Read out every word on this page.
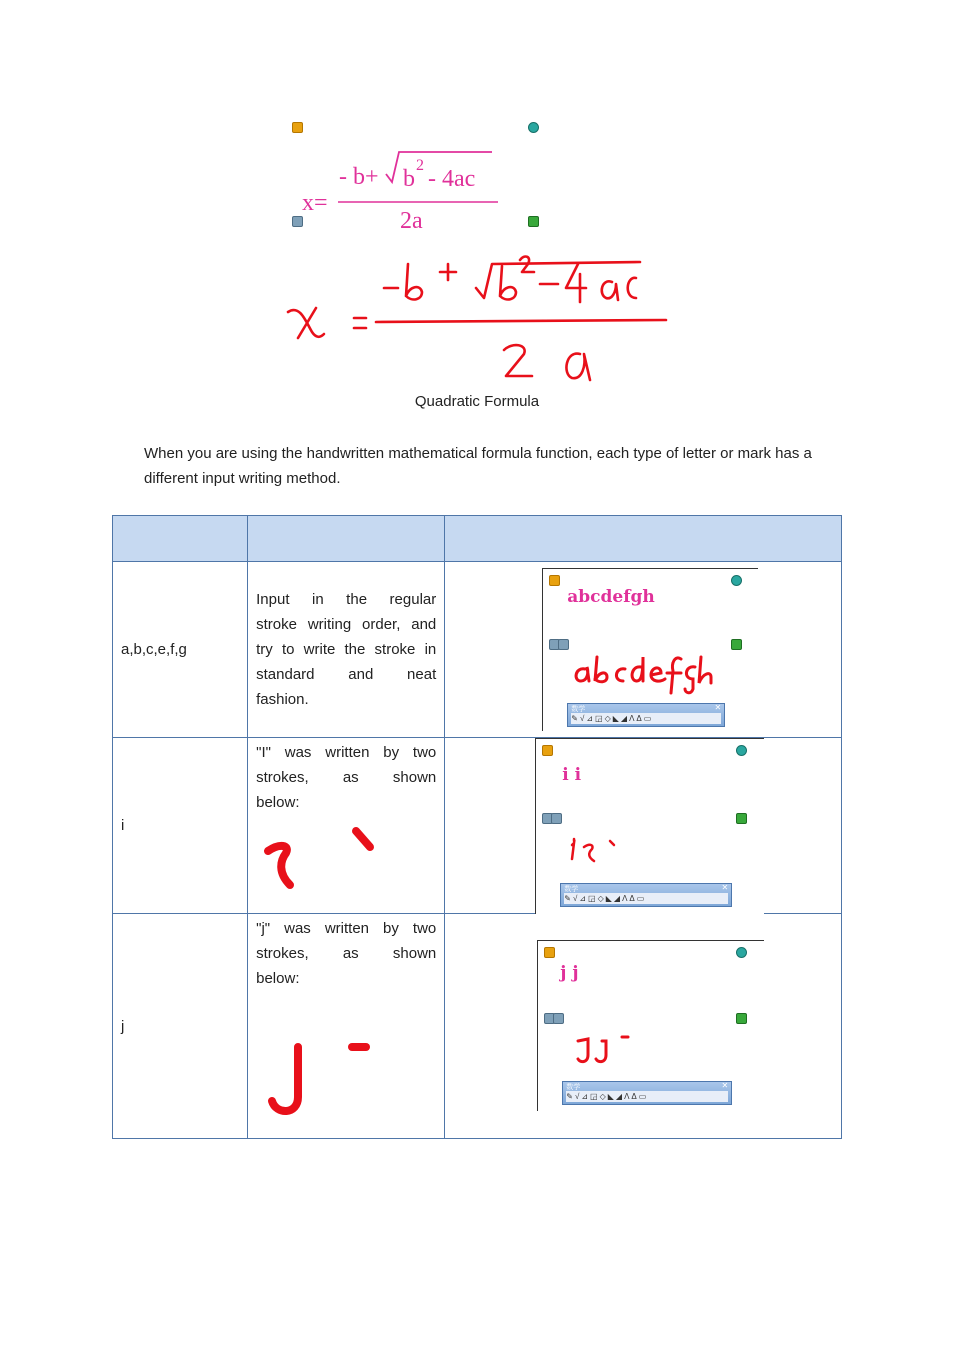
x=
- b+ b
2
- 4ac
2a
Quadratic Formula
When you are using the handwritten mathematical formula function, each type of letter or mark has a different input writing method.

a,b,c,e,f,g	Input in the regular
stroke writing order, and
try to write the stroke in
standard and neat
fashion.	abcdefgh
数学 ✕
✎√⊿◲◇◣◢ΛΔ▭

i	"I" was written by two
strokes, as shown
below:	i i
数学 ✕
✎√⊿◲◇◣◢ΛΔ▭

j	"j" was written by two
strokes, as shown
below:	j j
数学 ✕
✎√⊿◲◇◣◢ΛΔ▭
